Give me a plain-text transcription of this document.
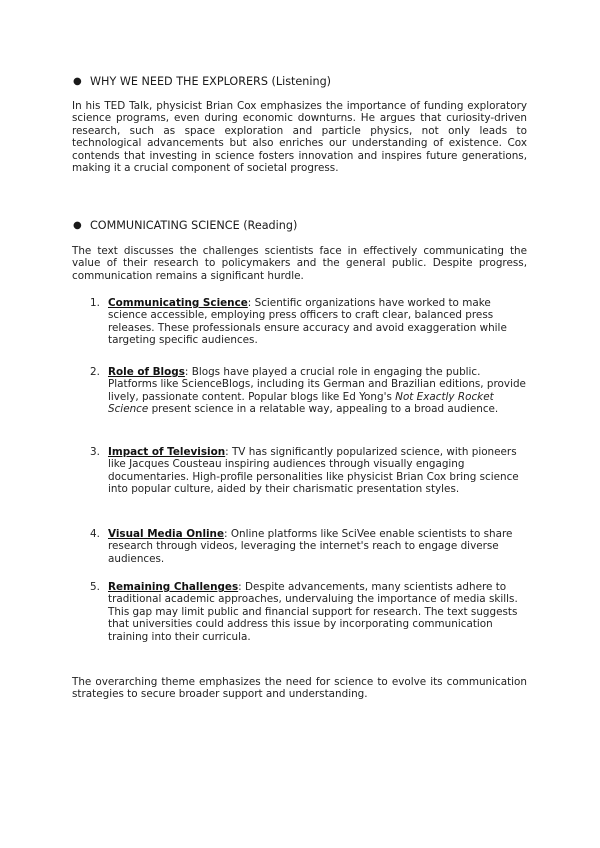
● WHY WE NEED THE EXPLORERS (Listening)
In his TED Talk, physicist Brian Cox emphasizes the importance of funding exploratory science programs, even during economic downturns. He argues that curiosity-driven research, such as space exploration and particle physics, not only leads to technological advancements but also enriches our understanding of existence. Cox contends that investing in science fosters innovation and inspires future generations, making it a crucial component of societal progress.
● COMMUNICATING SCIENCE (Reading)
The text discusses the challenges scientists face in effectively communicating the value of their research to policymakers and the general public. Despite progress, communication remains a significant hurdle.
1. Communicating Science: Scientific organizations have worked to make science accessible, employing press officers to craft clear, balanced press releases. These professionals ensure accuracy and avoid exaggeration while targeting specific audiences.
2. Role of Blogs: Blogs have played a crucial role in engaging the public. Platforms like ScienceBlogs, including its German and Brazilian editions, provide lively, passionate content. Popular blogs like Ed Yong's Not Exactly Rocket Science present science in a relatable way, appealing to a broad audience.
3. Impact of Television: TV has significantly popularized science, with pioneers like Jacques Cousteau inspiring audiences through visually engaging documentaries. High-profile personalities like physicist Brian Cox bring science into popular culture, aided by their charismatic presentation styles.
4. Visual Media Online: Online platforms like SciVee enable scientists to share research through videos, leveraging the internet's reach to engage diverse audiences.
5. Remaining Challenges: Despite advancements, many scientists adhere to traditional academic approaches, undervaluing the importance of media skills. This gap may limit public and financial support for research. The text suggests that universities could address this issue by incorporating communication training into their curricula.
The overarching theme emphasizes the need for science to evolve its communication strategies to secure broader support and understanding.
